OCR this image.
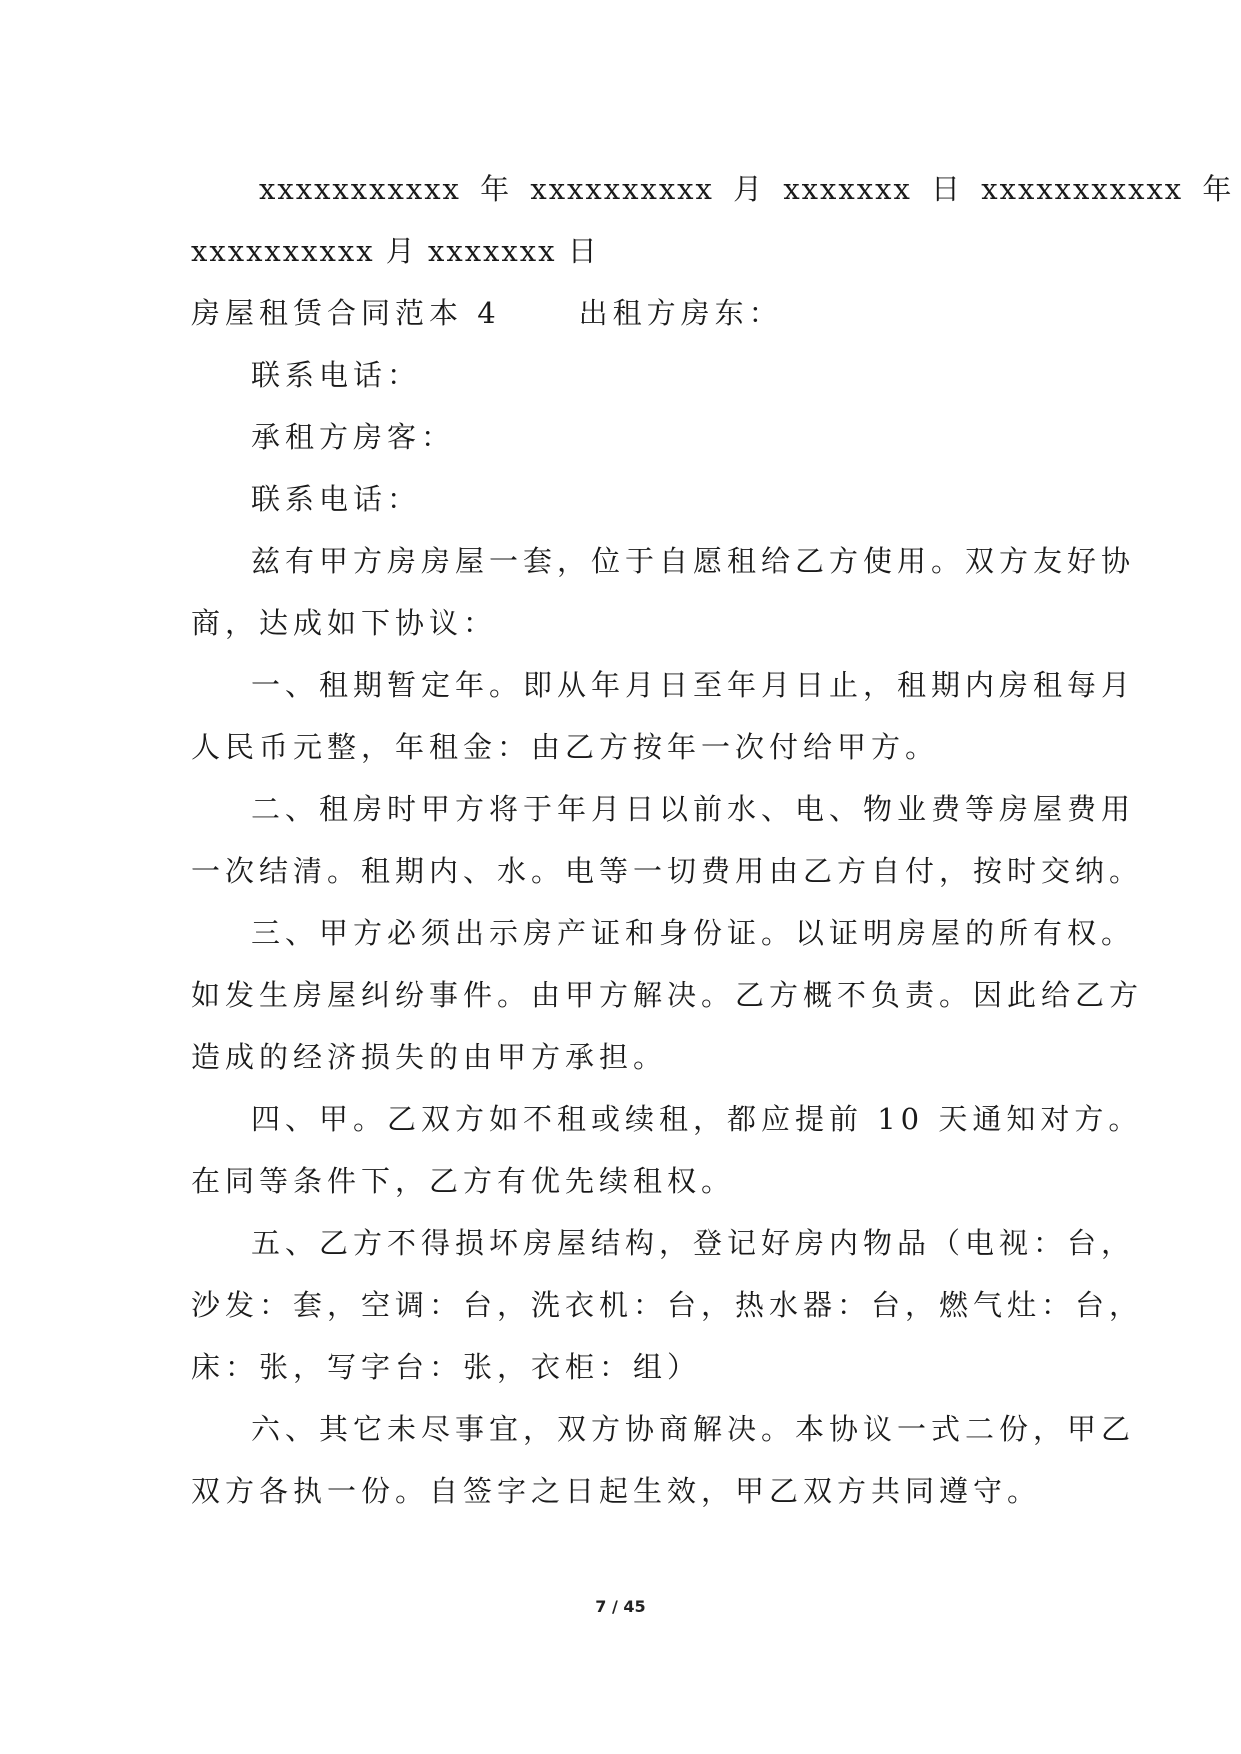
xxxxxxxxxxx 年 xxxxxxxxxx 月 xxxxxxx 日 xxxxxxxxxxx 年
xxxxxxxxxx 月 xxxxxxx 日
房屋租赁合同范本 4	出租方房东：
联系电话：
承租方房客：
联系电话：
兹有甲方房房屋一套，位于自愿租给乙方使用。双方友好协
商，达成如下协议：
一、租期暂定年。即从年月日至年月日止，租期内房租每月
人民币元整，年租金：由乙方按年一次付给甲方。
二、租房时甲方将于年月日以前水、电、物业费等房屋费用
一次结清。租期内、水。电等一切费用由乙方自付，按时交纳。
三、甲方必须出示房产证和身份证。以证明房屋的所有权。
如发生房屋纠纷事件。由甲方解决。乙方概不负责。因此给乙方
造成的经济损失的由甲方承担。
四、甲。乙双方如不租或续租，都应提前 10 天通知对方。
在同等条件下，乙方有优先续租权。
五、乙方不得损坏房屋结构，登记好房内物品（电视：台，
沙发：套，空调：台，洗衣机：台，热水器：台，燃气灶：台，
床：张，写字台：张，衣柜：组）
六、其它未尽事宜，双方协商解决。本协议一式二份，甲乙
双方各执一份。自签字之日起生效，甲乙双方共同遵守。
7 / 45
